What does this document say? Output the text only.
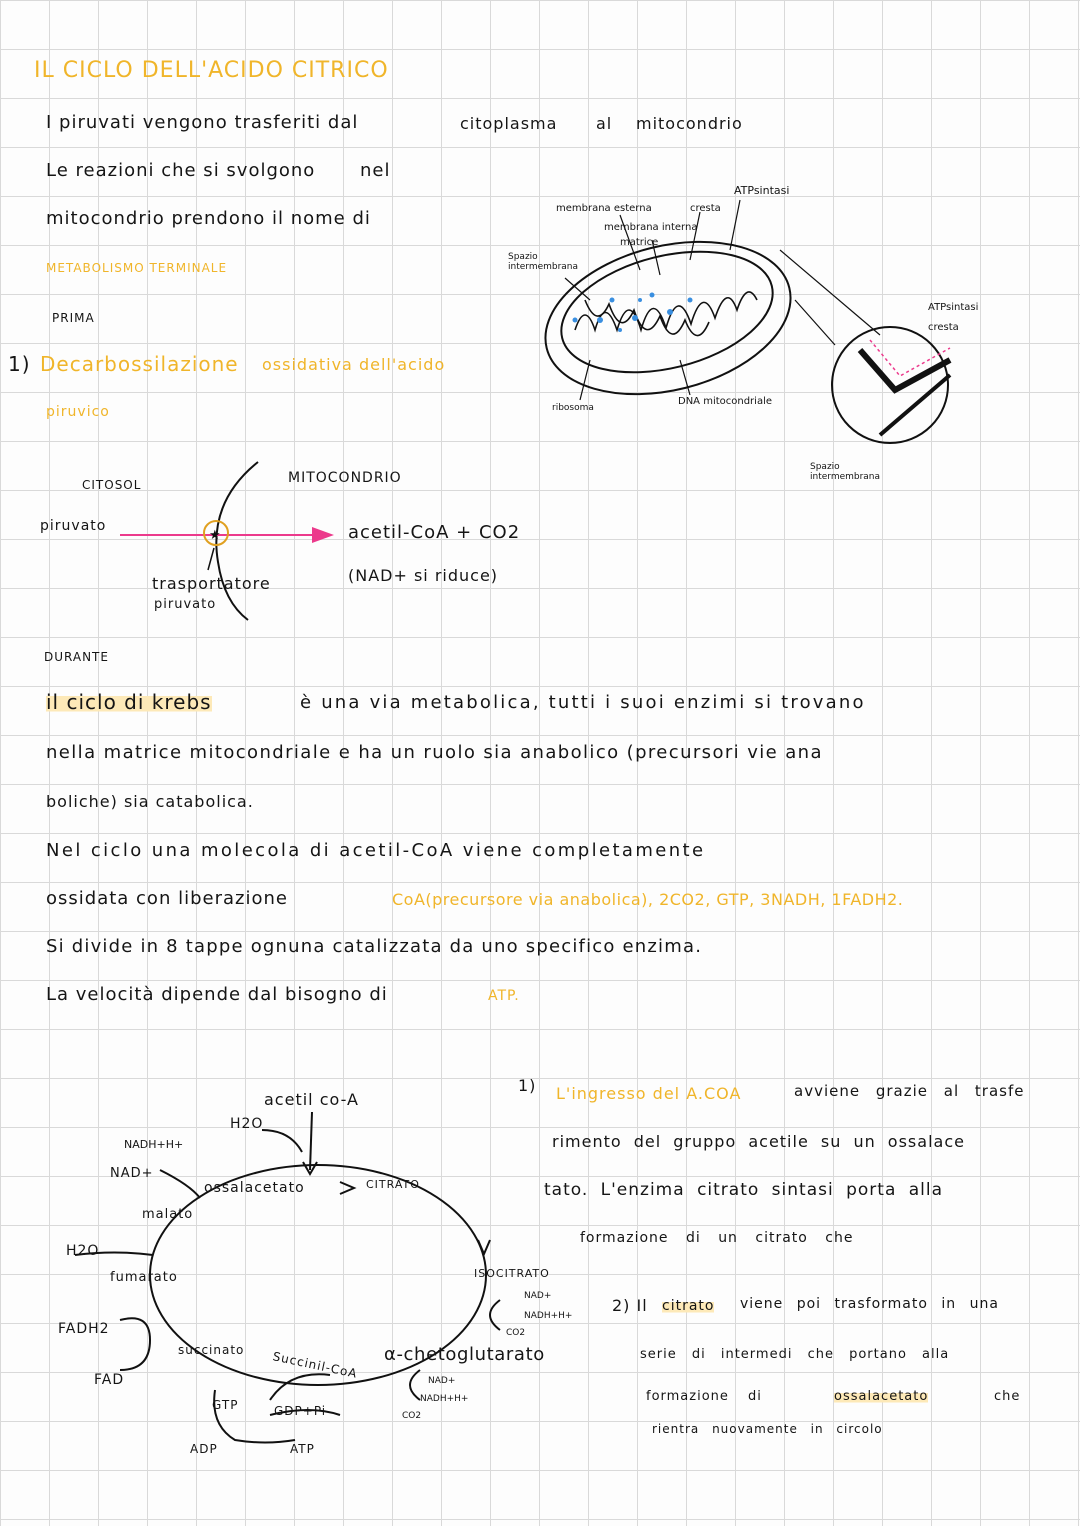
★
IL CICLO DELL'ACIDO CITRICO
I piruvati vengono trasferiti dal	citoplasma al mitocondrio
Le reazioni che si svolgono nel
mitocondrio prendono il nome di
METABOLISMO TERMINALE
membrana esterna	cresta
ATPsintasi
membrana interna
matrice
Spazio intermembrana
ribosoma
DNA mitocondriale
ATPsintasi
cresta
Spazio intermembrana
PRIMA
1) Decarbossilazione ossidativa dell'acido
piruvico
CITOSOL	MITOCONDRIO
piruvato	acetil-CoA + CO2
(NAD+ si riduce)
trasportatore
piruvato
DURANTE
il ciclo di krebs	è una via metabolica, tutti i suoi enzimi si trovano
nella matrice mitocondriale e ha un ruolo sia anabolico (precursori vie ana
boliche) sia catabolica.
Nel ciclo una molecola di acetil-CoA viene completamente
ossidata con liberazione	CoA(precursore via anabolica), 2CO2, GTP, 3NADH, 1FADH2.
Si divide in 8 tappe ognuna catalizzata da uno specifico enzima.
La velocità dipende dal bisogno di	ATP.
acetil co-A
H2O
ossalacetato	CITRATO
ISOCITRATO
NAD+
NADH+H+
CO2
α-chetoglutarato
NAD+
NADH+H+
CO2
Succinil-CoA
GDP+Pi
GTP
ADP	ATP
succinato
FADH2
FAD
fumarato
H2O
malato
NADH+H+
NAD+
1) L'ingresso del A.COA	avviene grazie al trasfe
rimento del gruppo acetile su un ossalace
tato. L'enzima citrato sintasi porta alla
formazione di un citrato che
2) Il citrato viene poi trasformato in una
serie di intermedi che portano alla
formazione di	ossalacetato	che
rientra nuovamente in circolo
